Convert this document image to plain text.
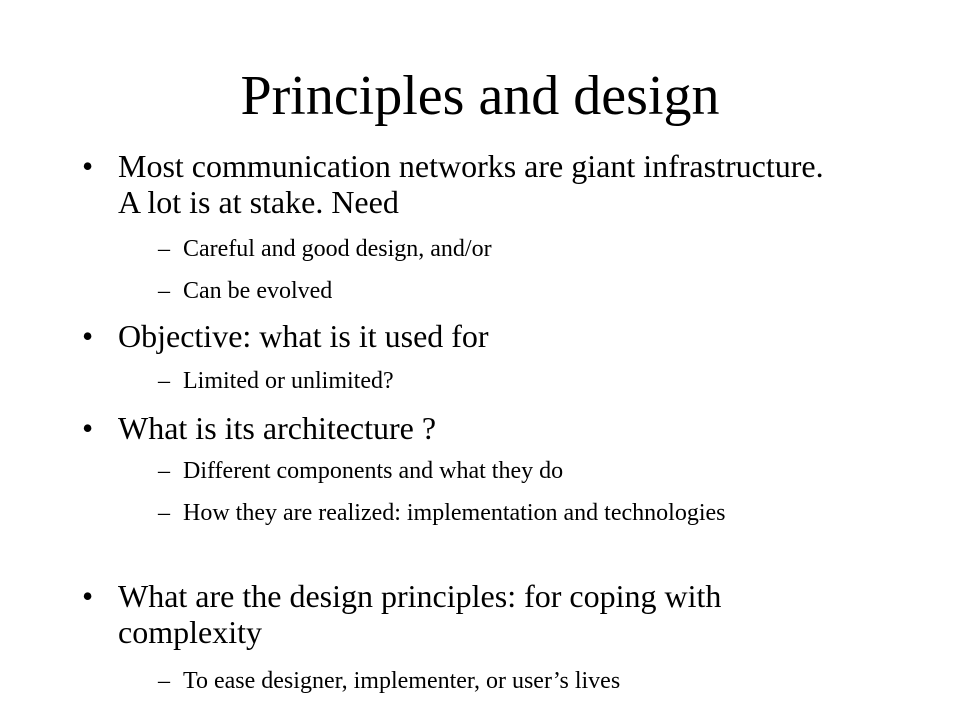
Principles and design
• Most communication networks are giant infrastructure. A lot is at stake. Need
– Careful and good design, and/or
– Can be evolved
• Objective: what is it used for
– Limited or unlimited?
• What is its architecture ?
– Different components and what they do
– How they are realized: implementation and technologies
• What are the design principles: for coping with complexity
– To ease designer, implementer, or user’s lives
